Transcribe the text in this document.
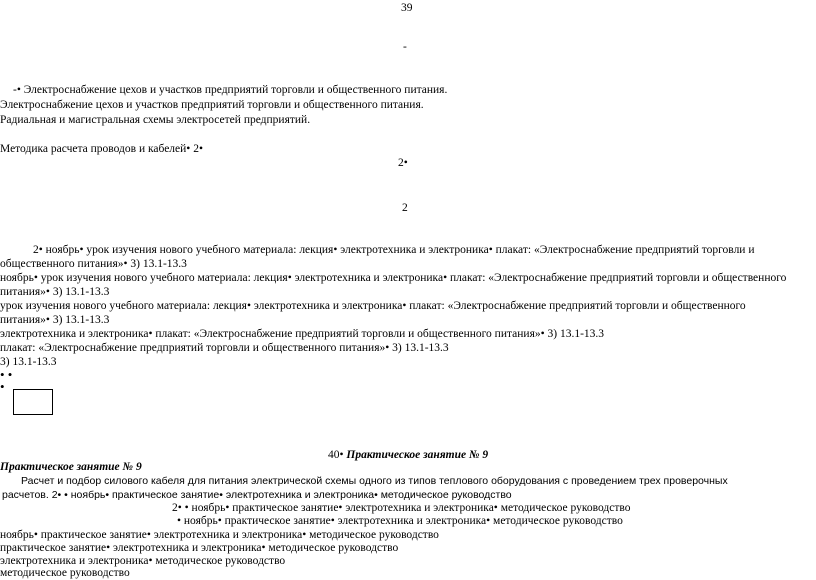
39
-
-• Электроснабжение цехов и участков предприятий торговли и общественного питания.
Электроснабжение цехов и участков предприятий торговли и общественного питания.
Радиальная и магистральная схемы электросетей предприятий.
Методика расчета проводов и кабелей• 2•
2•
2
2• ноябрь• урок изучения нового учебного материала: лекция• электротехника и электроника• плакат: «Электроснабжение предприятий торговли и
общественного питания»• 3) 13.1-13.3
ноябрь• урок изучения нового учебного материала: лекция• электротехника и электроника• плакат: «Электроснабжение предприятий торговли и общественного
питания»• 3) 13.1-13.3
урок изучения нового учебного материала: лекция• электротехника и электроника• плакат: «Электроснабжение предприятий торговли и общественного
питания»• 3) 13.1-13.3
электротехника и электроника• плакат: «Электроснабжение предприятий торговли и общественного питания»• 3) 13.1-13.3
плакат: «Электроснабжение предприятий торговли и общественного питания»• 3) 13.1-13.3
3) 13.1-13.3
• •
•
40• Практическое занятие № 9
Практическое занятие № 9
Расчет и подбор силового кабеля для питания электрической схемы одного из типов теплового оборудования с проведением трех проверочных
расчетов. 2• • ноябрь• практическое занятие• электротехника и электроника• методическое руководство
2• • ноябрь• практическое занятие• электротехника и электроника• методическое руководство
• ноябрь• практическое занятие• электротехника и электроника• методическое руководство
ноябрь• практическое занятие• электротехника и электроника• методическое руководство
практическое занятие• электротехника и электроника• методическое руководство
электротехника и электроника• методическое руководство
методическое руководство
